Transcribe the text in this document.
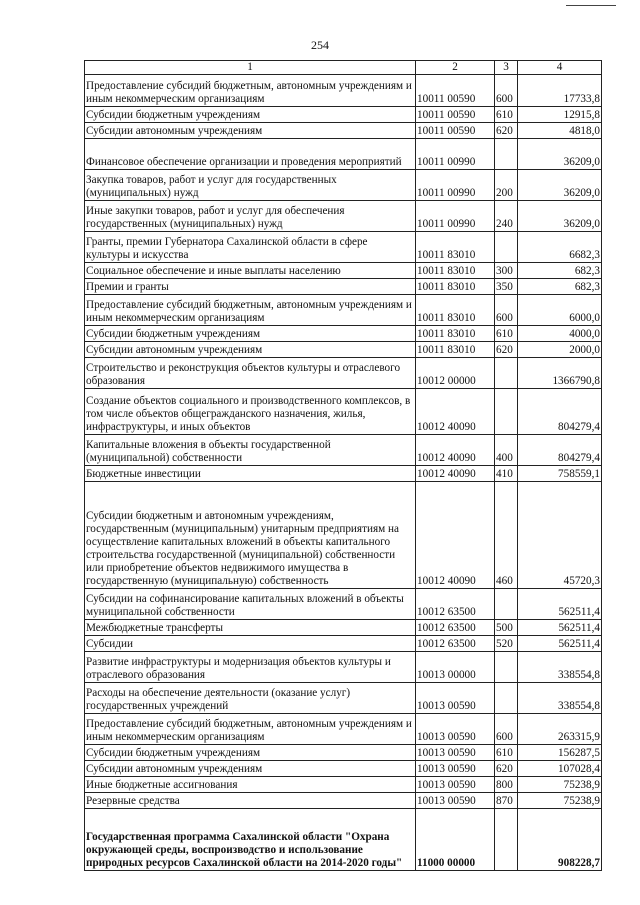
254
1	2	3	4
Предоставление субсидий бюджетным, автономным учреждениям и иным некоммерческим организациям	10011 00590	600	17733,8
Субсидии бюджетным учреждениям	10011 00590	610	12915,8
Субсидии автономным учреждениям	10011 00590	620	4818,0
Финансовое обеспечение организации и проведения мероприятий	10011 00990		36209,0
Закупка товаров, работ и услуг для государственных (муниципальных) нужд	10011 00990	200	36209,0
Иные закупки товаров, работ и услуг для обеспечения государственных (муниципальных) нужд	10011 00990	240	36209,0
Гранты, премии Губернатора Сахалинской области в сфере культуры и искусства	10011 83010		6682,3
Социальное обеспечение и иные выплаты населению	10011 83010	300	682,3
Премии и гранты	10011 83010	350	682,3
Предоставление субсидий бюджетным, автономным учреждениям и иным некоммерческим организациям	10011 83010	600	6000,0
Субсидии бюджетным учреждениям	10011 83010	610	4000,0
Субсидии автономным учреждениям	10011 83010	620	2000,0
Строительство и реконструкция объектов культуры и отраслевого образования	10012 00000		1366790,8
Создание объектов социального и производственного комплексов, в том числе объектов общегражданского назначения, жилья, инфраструктуры, и иных объектов	10012 40090		804279,4
Капитальные вложения в объекты государственной (муниципальной) собственности	10012 40090	400	804279,4
Бюджетные инвестиции	10012 40090	410	758559,1
Субсидии бюджетным и автономным учреждениям, государственным (муниципальным) унитарным предприятиям на осуществление капитальных вложений в объекты капитального строительства государственной (муниципальной) собственности или приобретение объектов недвижимого имущества в государственную (муниципальную) собственность	10012 40090	460	45720,3
Субсидии на софинансирование капитальных вложений в объекты муниципальной собственности	10012 63500		562511,4
Межбюджетные трансферты	10012 63500	500	562511,4
Субсидии	10012 63500	520	562511,4
Развитие инфраструктуры и модернизация объектов культуры и отраслевого образования	10013 00000		338554,8
Расходы на обеспечение деятельности (оказание услуг) государственных учреждений	10013 00590		338554,8
Предоставление субсидий бюджетным, автономным учреждениям и иным некоммерческим организациям	10013 00590	600	263315,9
Субсидии бюджетным учреждениям	10013 00590	610	156287,5
Субсидии автономным учреждениям	10013 00590	620	107028,4
Иные бюджетные ассигнования	10013 00590	800	75238,9
Резервные средства	10013 00590	870	75238,9
Государственная программа Сахалинской области "Охрана окружающей среды, воспроизводство и использование природных ресурсов Сахалинской области на 2014-2020 годы"	11000 00000		908228,7
